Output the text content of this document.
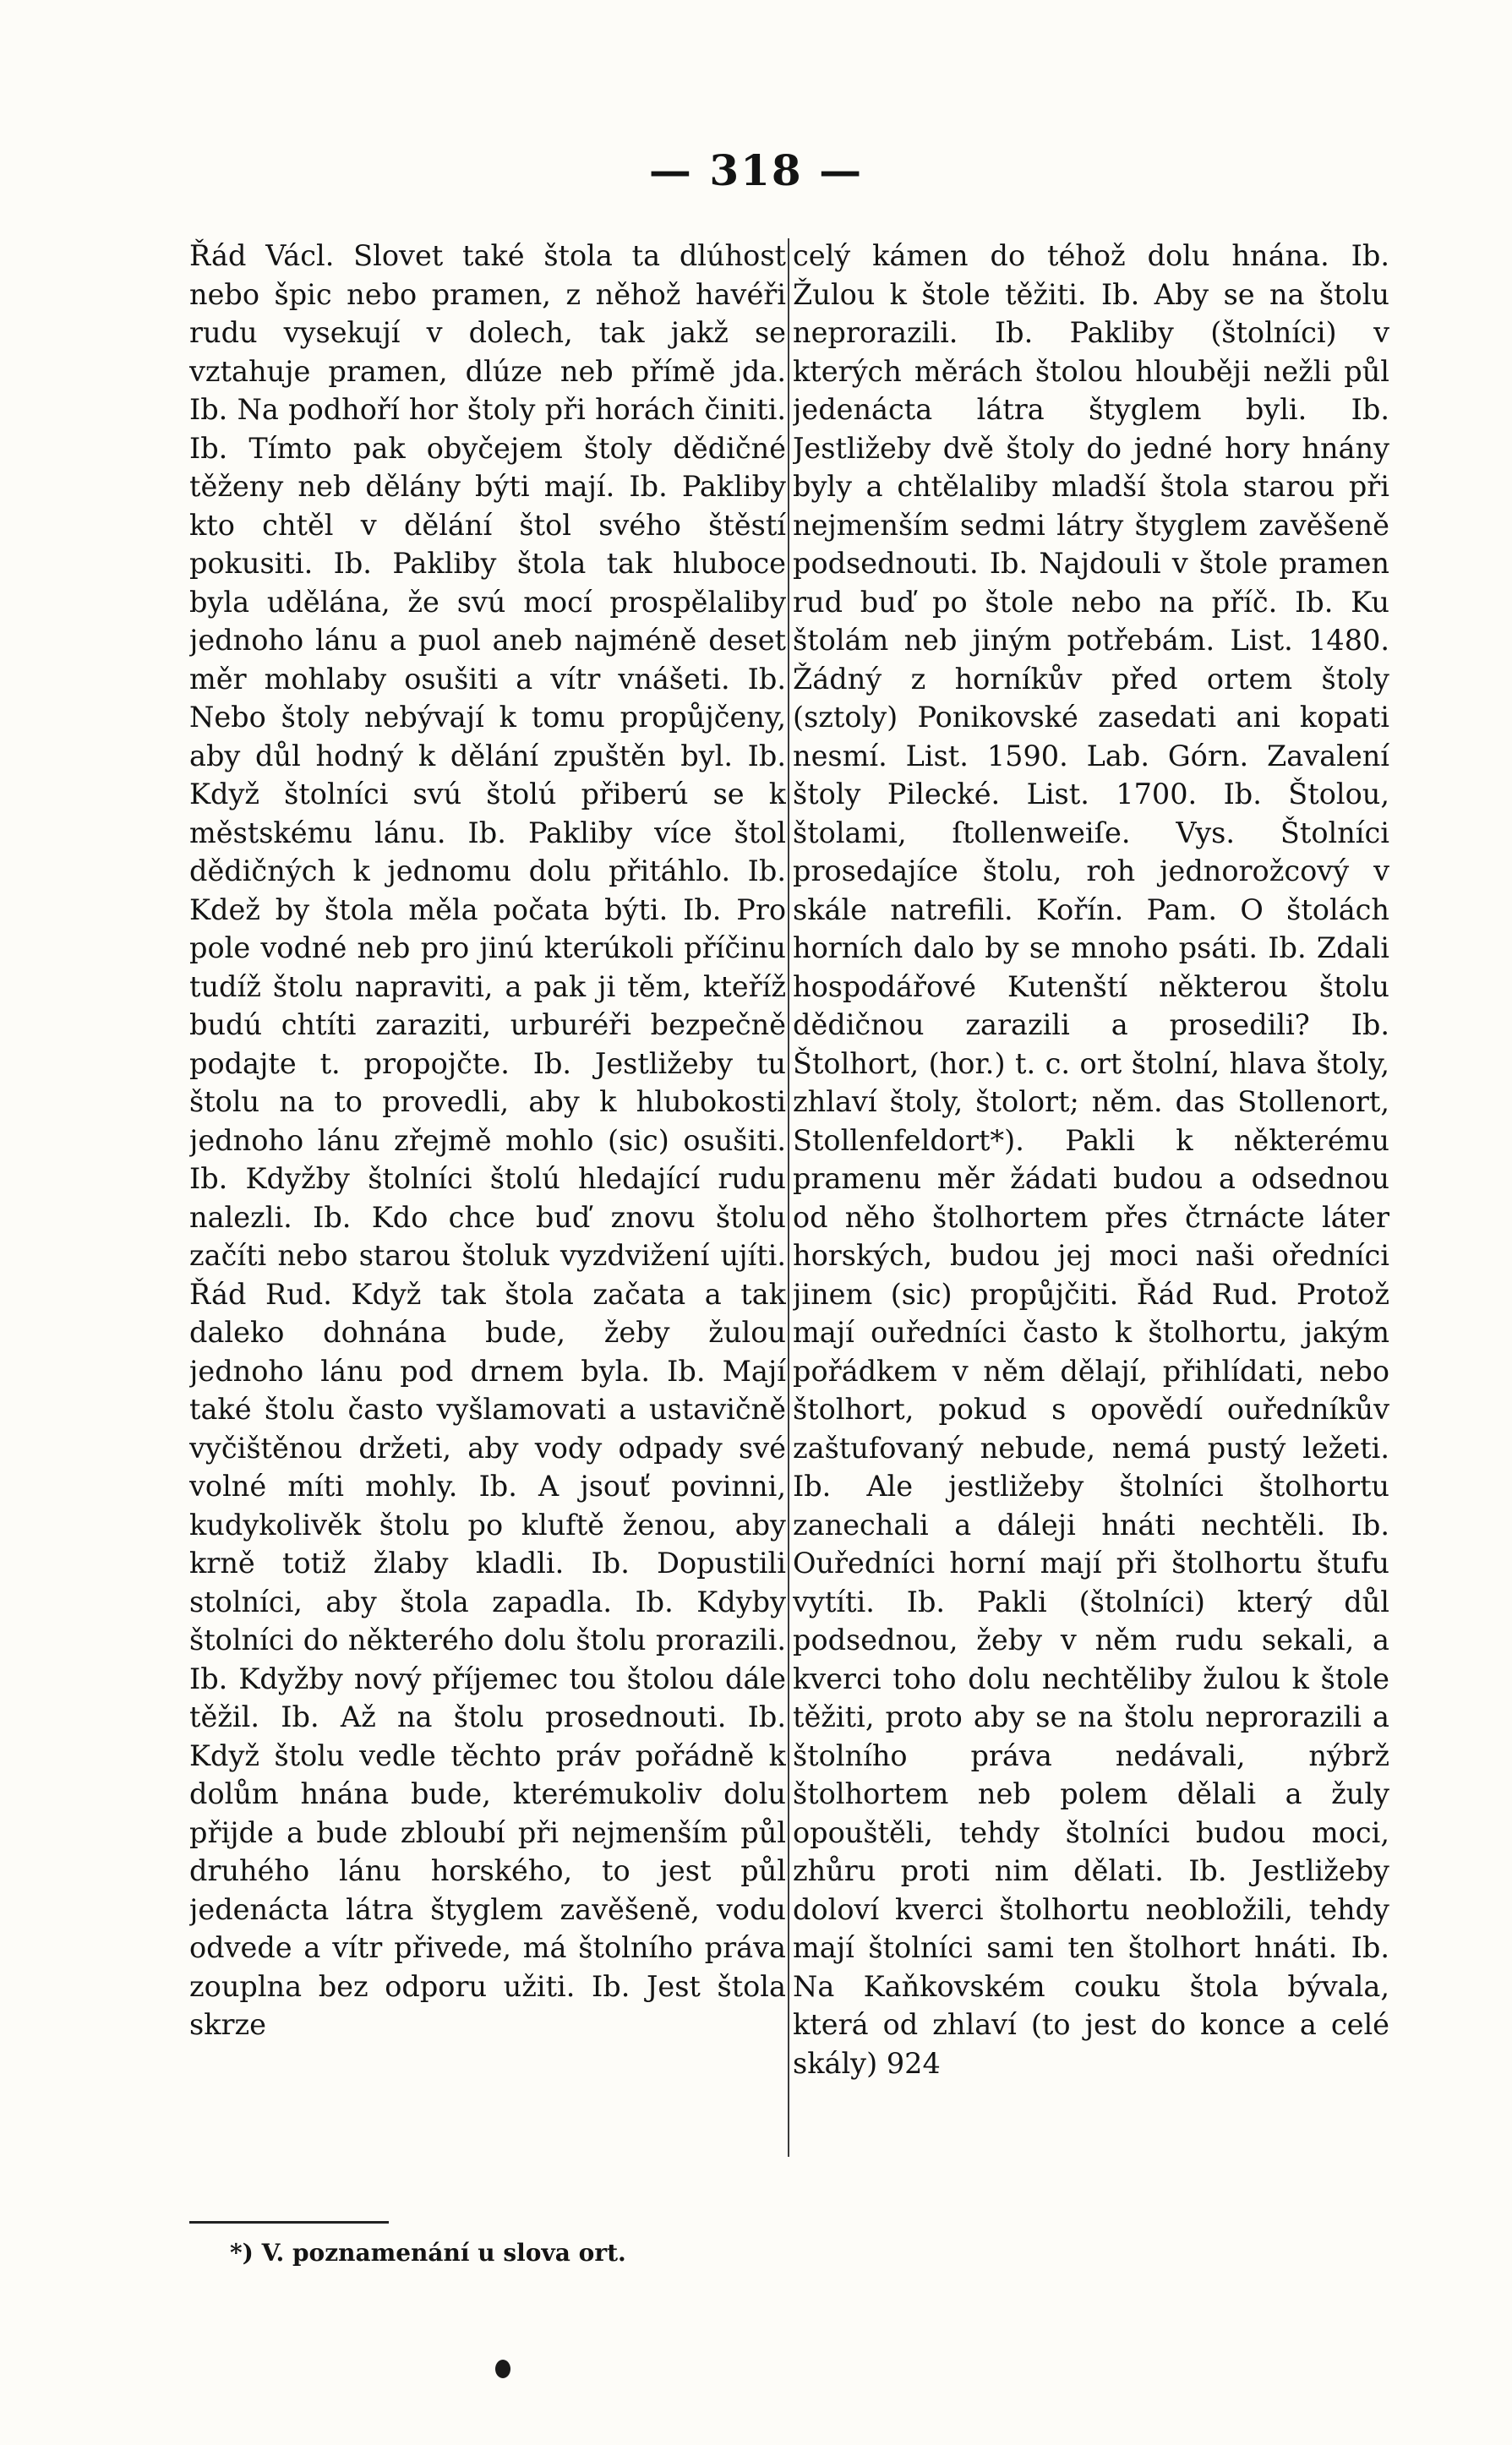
— 318 —

Řád Václ. Slovet také štola ta dlúhost nebo špic nebo pramen, z něhož havéři rudu vysekují v dolech, tak jakž se vztahuje pramen, dlúze neb přímě jda. Ib. Na podhoří hor štoly při horách činiti. Ib. Tímto pak obyčejem štoly dědičné těženy neb dělány býti mají. Ib. Pakliby kto chtěl v dělání štol svého štěstí pokusiti. Ib. Pakliby štola tak hluboce byla udělána, že svú mocí prospělaliby jednoho lánu a puol aneb najméně deset měr mohlaby osušiti a vítr vnášeti. Ib. Nebo štoly nebývají k tomu propůjčeny, aby důl hodný k dělání zpuštěn byl. Ib. Když štolníci svú štolú přiberú se k městskému lánu. Ib. Pakliby více štol dědičných k jednomu dolu přitáhlo. Ib. Kdež by štola měla počata býti. Ib. Pro pole vodné neb pro jinú kterúkoli příčinu tudíž štolu napraviti, a pak ji těm, kteříž budú chtíti zaraziti, urburéři bezpečně podajte t. propojčte. Ib. Jestližeby tu štolu na to provedli, aby k hlubokosti jednoho lánu zřejmě mohlo (sic) osušiti. Ib. Kdyžby štolníci štolú hledající rudu nalezli. Ib. Kdo chce buď znovu štolu začíti nebo starou štoluk vyzdvižení ujíti. Řád Rud. Když tak štola začata a tak daleko dohnána bude, žeby žulou jednoho lánu pod drnem byla. Ib. Mají také štolu často vyšlamovati a ustavičně vyčištěnou držeti, aby vody odpady své volné míti mohly. Ib. A jsouť povinni, kudykolivěk štolu po kluftě ženou, aby krně totiž žlaby kladli. Ib. Dopustili stolníci, aby štola zapadla. Ib. Kdyby štolníci do některého dolu štolu prorazili. Ib. Kdyžby nový příjemec tou štolou dále těžil. Ib. Až na štolu prosednouti. Ib. Když štolu vedle těchto práv pořádně k dolům hnána bude, kterémukoliv dolu přijde a bude zbloubí při nejmenším půl druhého lánu horského, to jest půl jedenácta látra štyglem zavěšeně, vodu odvede a vítr přivede, má štolního práva zouplna bez odporu užiti. Ib. Jest štola skrze

celý kámen do téhož dolu hnána. Ib. Žulou k štole těžiti. Ib. Aby se na štolu neprorazili. Ib. Pakliby (štolníci) v kterých měrách štolou hlouběji nežli půl jedenácta látra štyglem byli. Ib. Jestližeby dvě štoly do jedné hory hnány byly a chtělaliby mladší štola starou při nejmenším sedmi látry štyglem zavěšeně podsednouti. Ib. Najdouli v štole pramen rud buď po štole nebo na příč. Ib. Ku štolám neb jiným potřebám. List. 1480. Žádný z horníkův před ortem štoly (sztoly) Ponikovské zasedati ani kopati nesmí. List. 1590. Lab. Górn. Zavalení štoly Pilecké. List. 1700. Ib. Štolou, štolami, ſtollenweiſe. Vys. Štolníci prosedajíce štolu, roh jednorožcový v skále natrefili. Kořín. Pam. O štolách horních dalo by se mnoho psáti. Ib. Zdali hospodářové Kutenští některou štolu dědičnou zarazili a prosedili? Ib. Štolhort, (hor.) t. c. ort štolní, hlava štoly, zhlaví štoly, štolort; něm. das Stollenort, Stollenfeldort*). Pakli k některému pramenu měr žádati budou a odsednou od něho štolhortem přes čtrnácte láter horských, budou jej moci naši oředníci jinem (sic) propůjčiti. Řád Rud. Protož mají ouředníci často k štolhortu, jakým pořádkem v něm dělají, přihlídati, nebo štolhort, pokud s opovědí ouředníkův zaštufovaný nebude, nemá pustý ležeti. Ib. Ale jestližeby štolníci štolhortu zanechali a dáleji hnáti nechtěli. Ib. Ouředníci horní mají při štolhortu štufu vytíti. Ib. Pakli (štolníci) který důl podsednou, žeby v něm rudu sekali, a kverci toho dolu nechtěliby žulou k štole těžiti, proto aby se na štolu neprorazili a štolního práva nedávali, nýbrž štolhortem neb polem dělali a žuly opouštěli, tehdy štolníci budou moci, zhůru proti nim dělati. Ib. Jestližeby doloví kverci štolhortu neobložili, tehdy mají štolníci sami ten štolhort hnáti. Ib. Na Kaňkovském couku štola bývala, která od zhlaví (to jest do konce a celé skály) 924

*) V. poznamenání u slova ort.
